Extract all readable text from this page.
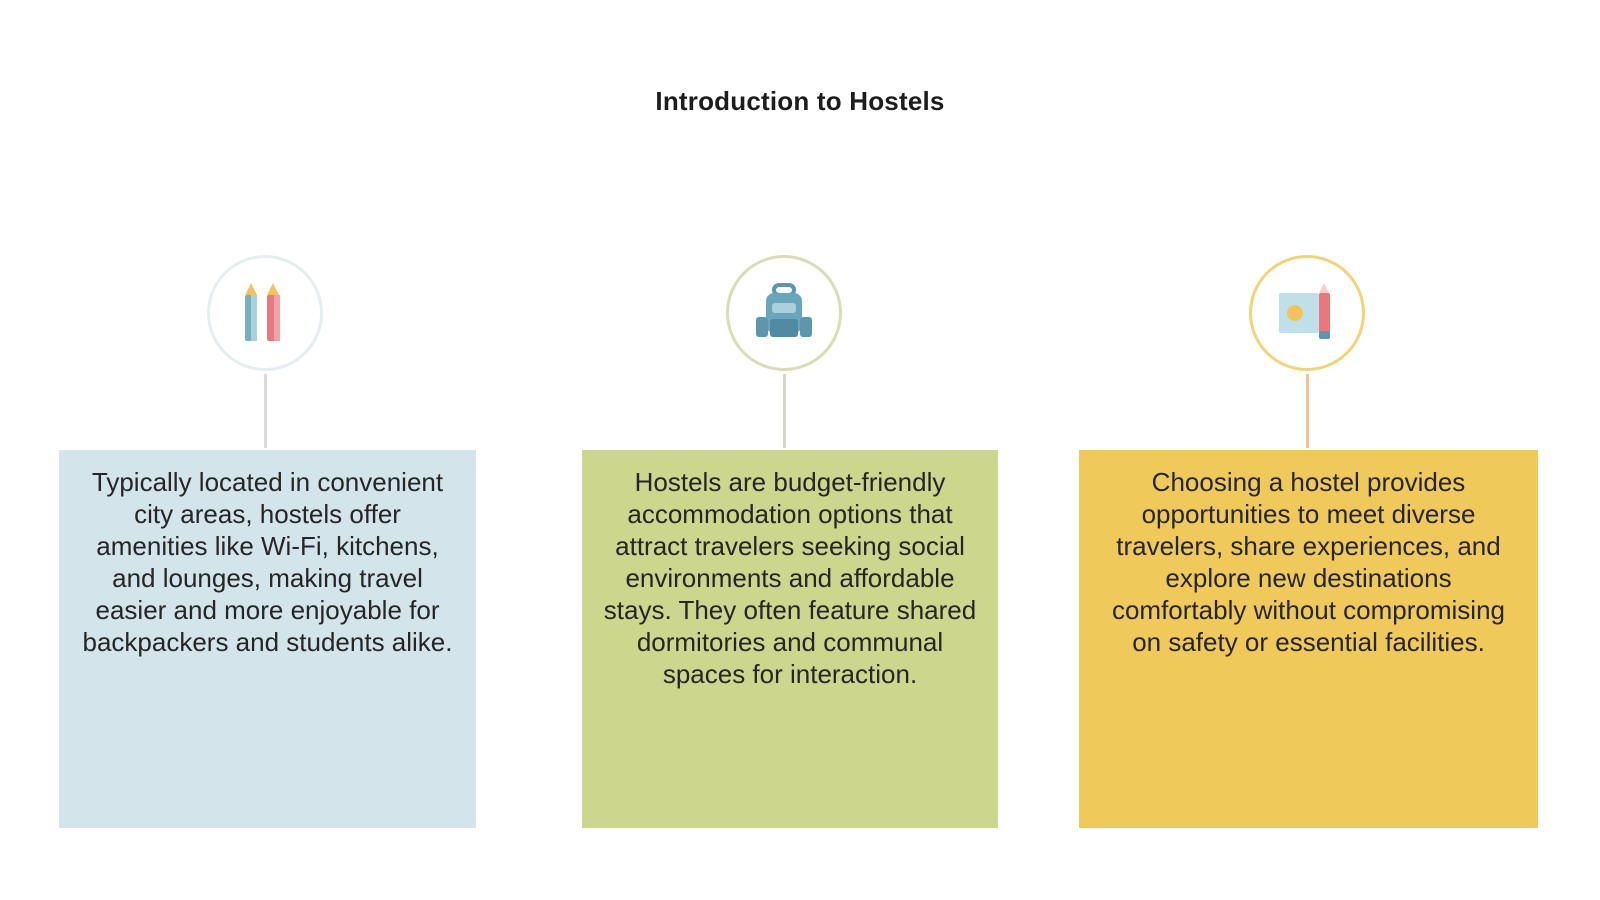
Introduction to Hostels
Typically located in convenient city areas, hostels offer amenities like Wi-Fi, kitchens, and lounges, making travel easier and more enjoyable for backpackers and students alike.
Hostels are budget-friendly accommodation options that attract travelers seeking social environments and affordable stays. They often feature shared dormitories and communal spaces for interaction.
Choosing a hostel provides opportunities to meet diverse travelers, share experiences, and explore new destinations comfortably without compromising on safety or essential facilities.
